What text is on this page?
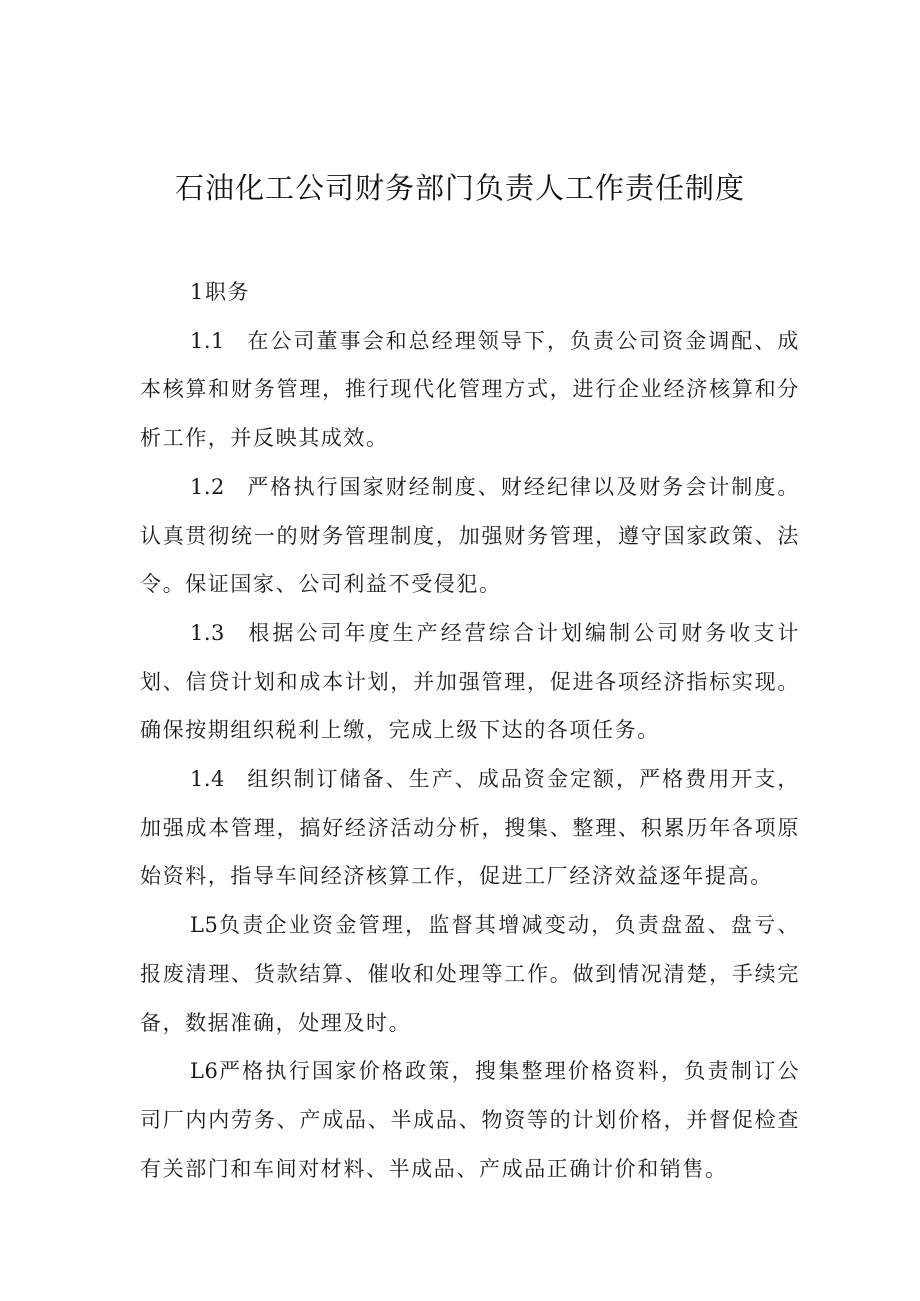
石油化工公司财务部门负责人工作责任制度

1职务

1.1 在公司董事会和总经理领导下，负责公司资金调配、成本核算和财务管理，推行现代化管理方式，进行企业经济核算和分析工作，并反映其成效。

1.2 严格执行国家财经制度、财经纪律以及财务会计制度。认真贯彻统一的财务管理制度，加强财务管理，遵守国家政策、法令。保证国家、公司利益不受侵犯。

1.3 根据公司年度生产经营综合计划编制公司财务收支计划、信贷计划和成本计划，并加强管理，促进各项经济指标实现。确保按期组织税利上缴，完成上级下达的各项任务。

1.4 组织制订储备、生产、成品资金定额，严格费用开支，加强成本管理，搞好经济活动分析，搜集、整理、积累历年各项原始资料，指导车间经济核算工作，促进工厂经济效益逐年提高。

L5负责企业资金管理，监督其增减变动，负责盘盈、盘亏、报废清理、货款结算、催收和处理等工作。做到情况清楚，手续完备，数据准确，处理及时。

L6严格执行国家价格政策，搜集整理价格资料，负责制订公司厂内内劳务、产成品、半成品、物资等的计划价格，并督促检查有关部门和车间对材料、半成品、产成品正确计价和销售。
